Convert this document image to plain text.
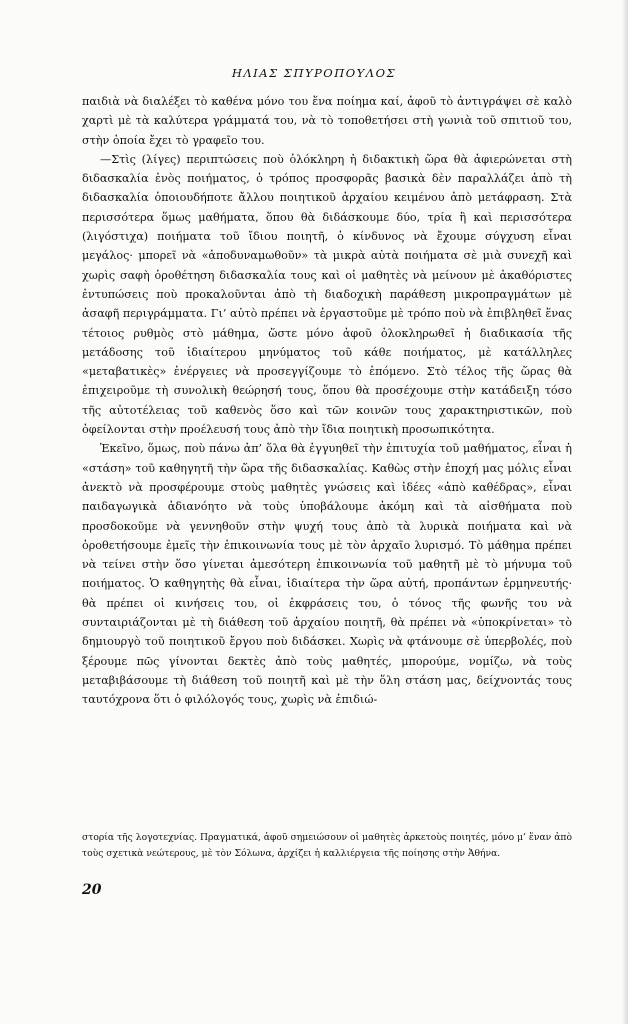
ΗΛΙΑΣ ΣΠΥΡΟΠΟΥΛΟΣ

παιδιὰ νὰ διαλέξει τὸ καθένα μόνο του ἕνα ποίημα καί, ἀφοῦ τὸ ἀντιγράψει σὲ καλὸ χαρτὶ μὲ τὰ καλύτερα γράμματά του, νὰ τὸ τοποθετήσει στὴ γωνιὰ τοῦ σπιτιοῦ του, στὴν ὁποία ἔχει τὸ γραφεῖο του.

—Στὶς (λίγες) περιπτώσεις ποὺ ὁλόκληρη ἡ διδακτικὴ ὥρα θὰ ἀφιερώνεται στὴ διδασκαλία ἑνὸς ποιήματος, ὁ τρόπος προσφορᾶς βασικὰ δὲν παραλλάζει ἀπὸ τὴ διδασκαλία ὁποιουδήποτε ἄλλου ποιητικοῦ ἀρχαίου κειμένου ἀπὸ μετάφραση. Στὰ περισσότερα ὅμως μαθήματα, ὅπου θὰ διδάσκουμε δύο, τρία ἢ καὶ περισσότερα (λιγόστιχα) ποιήματα τοῦ ἴδιου ποιητῆ, ὁ κίνδυνος νὰ ἔχουμε σύγχυση εἶναι μεγάλος· μπορεῖ νὰ «ἀποδυναμωθοῦν» τὰ μικρὰ αὐτὰ ποιήματα σὲ μιὰ συνεχῆ καὶ χωρὶς σαφὴ ὁροθέτηση διδασκαλία τους καὶ οἱ μαθητὲς νὰ μείνουν μὲ ἀκαθόριστες ἐντυπώσεις ποὺ προκαλοῦνται ἀπὸ τὴ διαδοχικὴ παράθεση μικροπραγμάτων μὲ ἀσαφῆ περιγράμματα. Γι’ αὐτὸ πρέπει νὰ ἐργαστοῦμε μὲ τρόπο ποὺ νὰ ἐπιβληθεῖ ἕνας τέτοιος ρυθμὸς στὸ μάθημα, ὥστε μόνο ἀφοῦ ὁλοκληρωθεῖ ἡ διαδικασία τῆς μετάδοσης τοῦ ἰδιαίτερου μηνύματος τοῦ κάθε ποιήματος, μὲ κατάλληλες «μεταβατικὲς» ἐνέργειες νὰ προσεγγίζουμε τὸ ἑπόμενο. Στὸ τέλος τῆς ὥρας θὰ ἐπιχειροῦμε τὴ συνολικὴ θεώρησή τους, ὅπου θὰ προσέχουμε στὴν κατάδειξη τόσο τῆς αὐτοτέλειας τοῦ καθενὸς ὅσο καὶ τῶν κοινῶν τους χαρακτηριστικῶν, ποὺ ὀφείλονται στὴν προέλευσή τους ἀπὸ τὴν ἴδια ποιητικὴ προσωπικότητα.

Ἐκεῖνο, ὅμως, ποὺ πάνω ἀπ’ ὅλα θὰ ἐγγυηθεῖ τὴν ἐπιτυχία τοῦ μαθήματος, εἶναι ἡ «στάση» τοῦ καθηγητῆ τὴν ὥρα τῆς διδασκαλίας. Καθὼς στὴν ἐποχή μας μόλις εἶναι ἀνεκτὸ νὰ προσφέρουμε στοὺς μαθητὲς γνώσεις καὶ ἰδέες «ἀπὸ καθέδρας», εἶναι παιδαγωγικὰ ἀδιανόητο νὰ τοὺς ὑποβάλουμε ἀκόμη καὶ τὰ αἰσθήματα ποὺ προσδοκοῦμε νὰ γεννηθοῦν στὴν ψυχή τους ἀπὸ τὰ λυρικὰ ποιήματα καὶ νὰ ὁροθετήσουμε ἐμεῖς τὴν ἐπικοινωνία τους μὲ τὸν ἀρχαῖο λυρισμό. Τὸ μάθημα πρέπει νὰ τείνει στὴν ὅσο γίνεται ἀμεσότερη ἐπικοινωνία τοῦ μαθητῆ μὲ τὸ μήνυμα τοῦ ποιήματος. Ὁ καθηγητὴς θὰ εἶναι, ἰδιαίτερα τὴν ὥρα αὐτή, προπάντων ἑρμηνευτής· θὰ πρέπει οἱ κινήσεις του, οἱ ἐκφράσεις του, ὁ τόνος τῆς φωνῆς του νὰ συνταιριάζονται μὲ τὴ διάθεση τοῦ ἀρχαίου ποιητῆ, θὰ πρέπει νὰ «ὑποκρίνεται» τὸ δημιουργὸ τοῦ ποιητικοῦ ἔργου ποὺ διδάσκει. Χωρὶς νὰ φτάνουμε σὲ ὑπερβολές, ποὺ ξέρουμε πῶς γίνονται δεκτὲς ἀπὸ τοὺς μαθητές, μπορούμε, νομίζω, νὰ τοὺς μεταβιβάσουμε τὴ διάθεση τοῦ ποιητῆ καὶ μὲ τὴν ὅλη στάση μας, δείχνοντάς τους ταυτόχρονα ὅτι ὁ φιλόλογός τους, χωρὶς νὰ ἐπιδιώ-

στορία τῆς λογοτεχνίας. Πραγματικά, ἀφοῦ σημειώσουν οἱ μαθητὲς ἀρκετοὺς ποιητές, μόνο μ’ ἕναν ἀπὸ τοὺς σχετικὰ νεώτερους, μὲ τὸν Σόλωνα, ἀρχίζει ἡ καλλιέργεια τῆς ποίησης στὴν Ἀθήνα.
20
